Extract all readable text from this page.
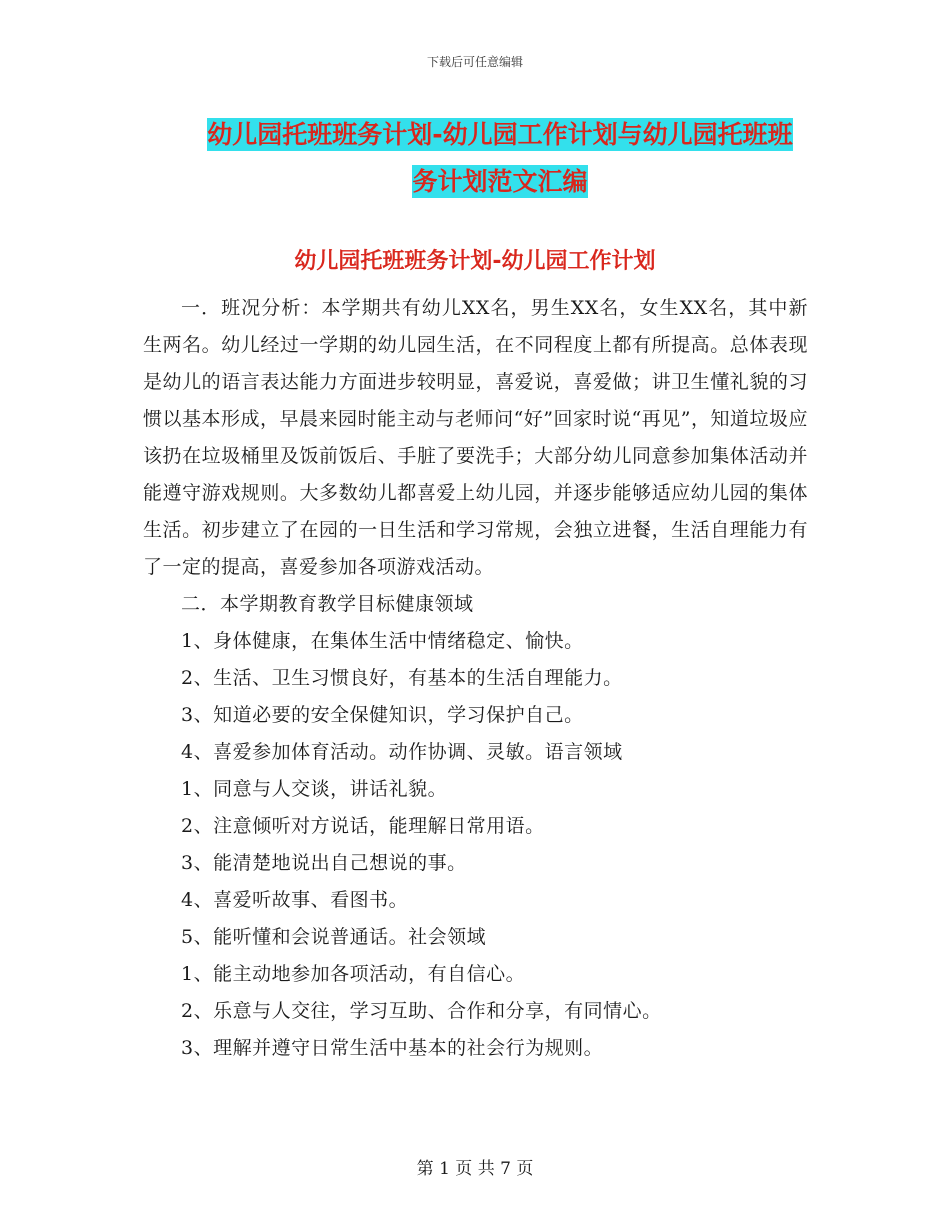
下载后可任意编辑
幼儿园托班班务计划-幼儿园工作计划与幼儿园托班班
务计划范文汇编
幼儿园托班班务计划-幼儿园工作计划

一．班况分析：本学期共有幼儿XX名，男生XX名，女生XX名，其中新生两名。幼儿经过一学期的幼儿园生活，在不同程度上都有所提高。总体表现是幼儿的语言表达能力方面进步较明显，喜爱说，喜爱做；讲卫生懂礼貌的习惯以基本形成，早晨来园时能主动与老师问“好”回家时说“再见”，知道垃圾应该扔在垃圾桶里及饭前饭后、手脏了要洗手；大部分幼儿同意参加集体活动并能遵守游戏规则。大多数幼儿都喜爱上幼儿园，并逐步能够适应幼儿园的集体生活。初步建立了在园的一日生活和学习常规，会独立进餐，生活自理能力有了一定的提高，喜爱参加各项游戏活动。

二．本学期教育教学目标健康领域

1、身体健康，在集体生活中情绪稳定、愉快。

2、生活、卫生习惯良好，有基本的生活自理能力。

3、知道必要的安全保健知识，学习保护自己。

4、喜爱参加体育活动。动作协调、灵敏。语言领域

1、同意与人交谈，讲话礼貌。

2、注意倾听对方说话，能理解日常用语。

3、能清楚地说出自己想说的事。

4、喜爱听故事、看图书。

5、能听懂和会说普通话。社会领域

1、能主动地参加各项活动，有自信心。

2、乐意与人交往，学习互助、合作和分享，有同情心。

3、理解并遵守日常生活中基本的社会行为规则。

第 1 页 共 7 页
